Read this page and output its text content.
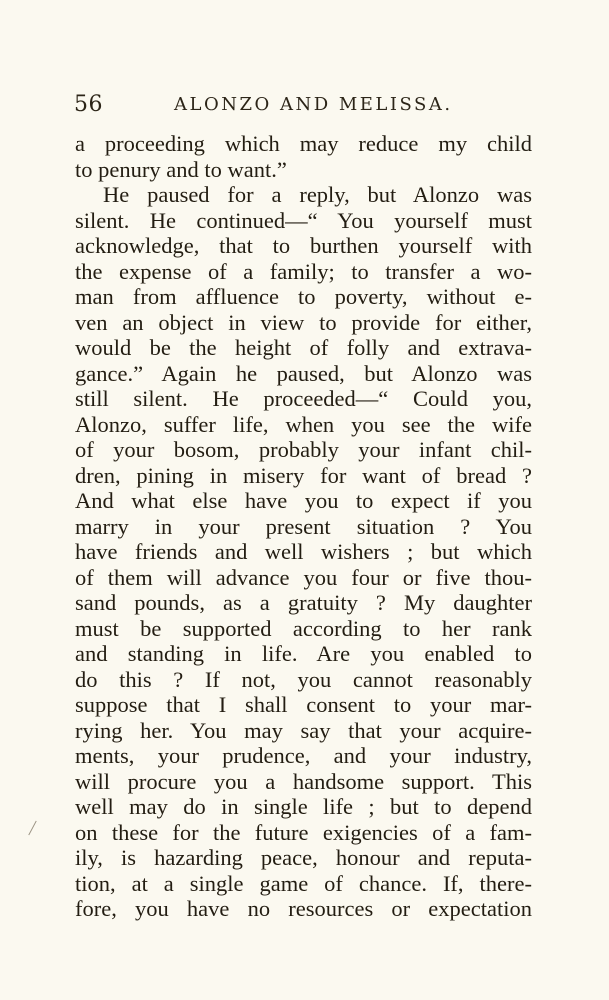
56	ALONZO AND MELISSA.
a proceeding which may reduce my child
to penury and to want.”
He paused for a reply, but Alonzo was
silent. He continued—“ You yourself must
acknowledge, that to burthen yourself with
the expense of a family; to transfer a wo-
man from affluence to poverty, without e-
ven an object in view to provide for either,
would be the height of folly and extrava-
gance.” Again he paused, but Alonzo was
still silent. He proceeded—“ Could you,
Alonzo, suffer life, when you see the wife
of your bosom, probably your infant chil-
dren, pining in misery for want of bread ?
And what else have you to expect if you
marry in your present situation ? You
have friends and well wishers ; but which
of them will advance you four or five thou-
sand pounds, as a gratuity ? My daughter
must be supported according to her rank
and standing in life. Are you enabled to
do this ? If not, you cannot reasonably
suppose that I shall consent to your mar-
rying her. You may say that your acquire-
ments, your prudence, and your industry,
will procure you a handsome support. This
well may do in single life ; but to depend
on these for the future exigencies of a fam-
ily, is hazarding peace, honour and reputa-
tion, at a single game of chance. If, there-
fore, you have no resources or expectation
